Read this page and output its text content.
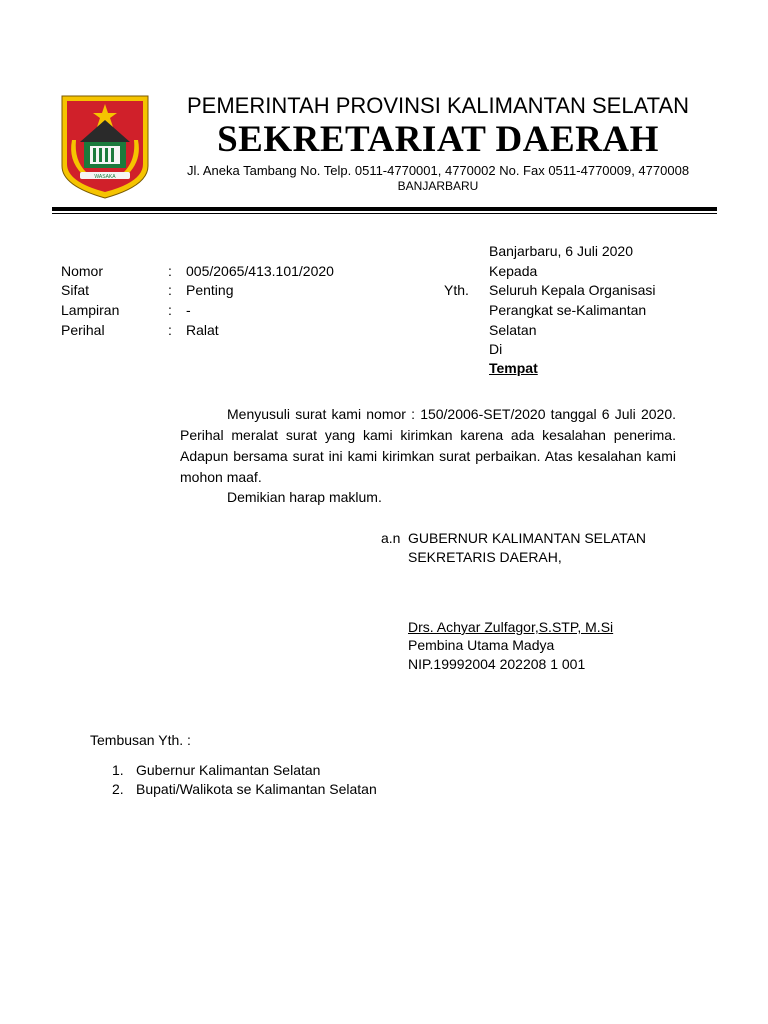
WASAKA
PEMERINTAH PROVINSI KALIMANTAN SELATAN
SEKRETARIAT DAERAH
Jl. Aneka Tambang No. Telp. 0511-4770001, 4770002 No. Fax 0511-4770009, 4770008
BANJARBARU
Banjarbaru, 6 Juli 2020
Nomor	: 005/2065/413.101/2020
Sifat	: Penting
Lampiran	: -
Perihal	: Ralat
Kepada
Yth. Seluruh Kepala Organisasi
Perangkat se-Kalimantan
Selatan
Di
Tempat
Menyusuli surat kami nomor : 150/2006-SET/2020 tanggal 6 Juli 2020. Perihal meralat surat yang kami kirimkan karena ada kesalahan penerima. Adapun bersama surat ini kami kirimkan surat perbaikan. Atas kesalahan kami mohon maaf.
Demikian harap maklum.
a.n GUBERNUR KALIMANTAN SELATAN
SEKRETARIS DAERAH,
Drs. Achyar Zulfagor,S.STP, M.Si
Pembina Utama Madya
NIP.19992004 202208 1 001
Tembusan Yth. :
1. Gubernur Kalimantan Selatan
2. Bupati/Walikota se Kalimantan Selatan
